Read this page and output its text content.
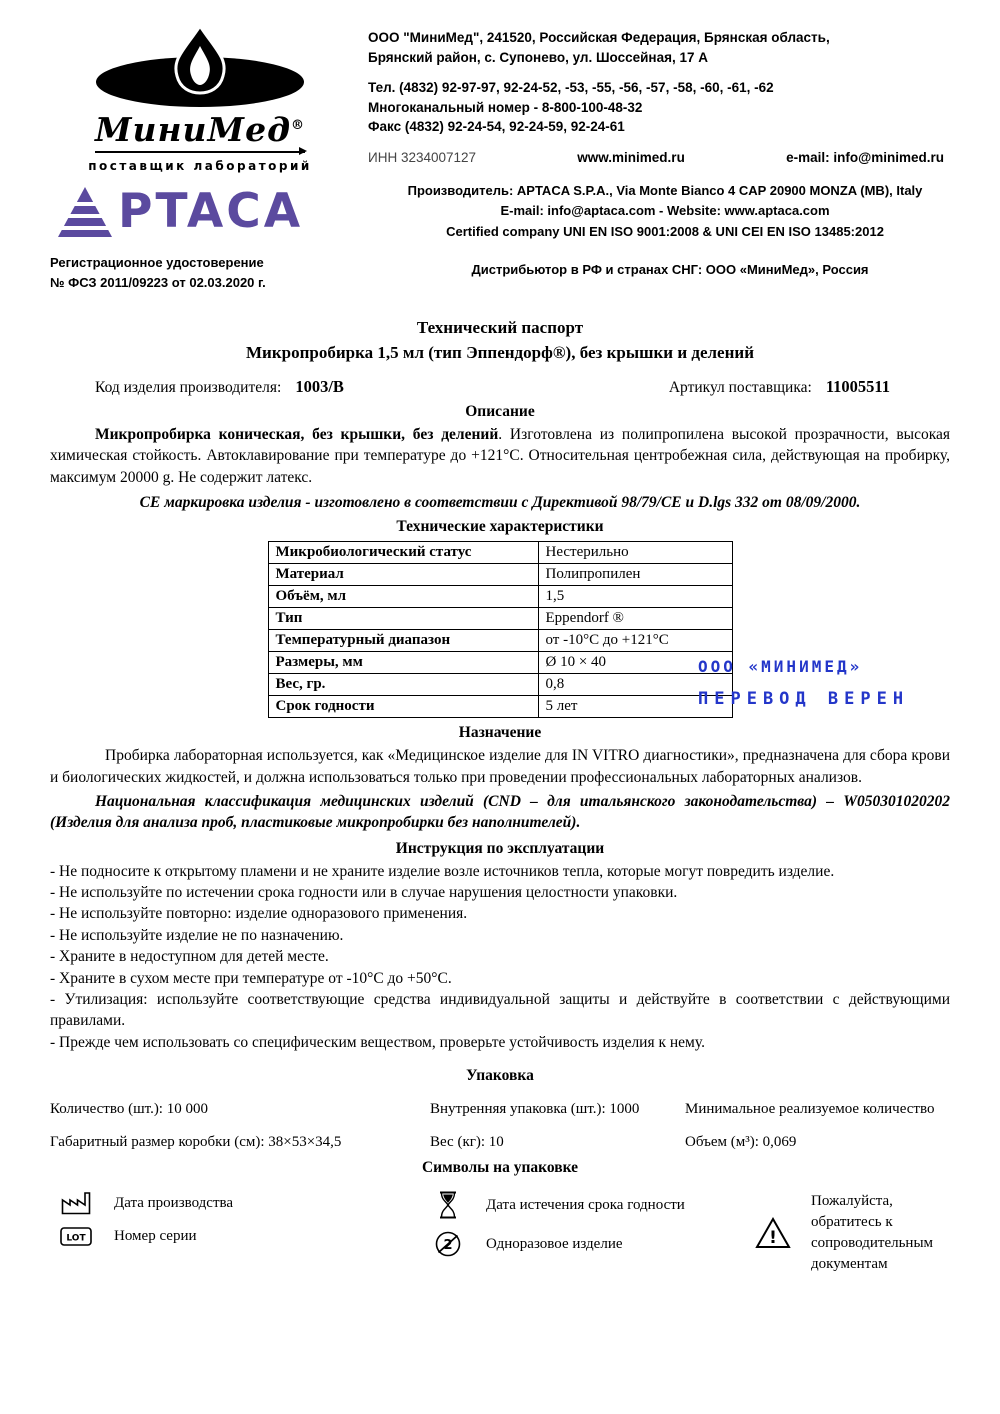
МиниМед®
поставщик лабораторий
ООО "МиниМед", 241520, Российская Федерация, Брянская область,
Брянский район, с. Супонево, ул. Шоссейная, 17 А
Тел. (4832) 92-97-97, 92-24-52, -53, -55, -56, -57, -58, -60, -61, -62
Многоканальный номер - 8-800-100-48-32
Факс (4832) 92-24-54, 92-24-59, 92-24-61
ИНН 3234007127	www.minimed.ru	e-mail: info@minimed.ru
PTACA	Производитель: APTACA S.P.A., Via Monte Bianco 4 CAP 20900 MONZA (MB), Italy
E-mail: info@aptaca.com - Website: www.aptaca.com
Certified company UNI EN ISO 9001:2008 & UNI CEI EN ISO 13485:2012
Регистрационное удостоверение
№ ФСЗ 2011/09223 от 02.03.2020 г.
Дистрибьютор в РФ и странах СНГ: ООО «МиниМед», Россия
Технический паспорт
Микропробирка 1,5 мл (тип Эппендорф®), без крышки и делений
Код изделия производителя: 1003/B	Артикул поставщика: 11005511
Описание
Микропробирка коническая, без крышки, без делений. Изготовлена из полипропилена высокой прозрачности, высокая химическая стойкость. Автоклавирование при температуре до +121°С. Относительная центробежная сила, действующая на пробирку, максимум 20000 g. Не содержит латекс.
СЕ маркировка изделия - изготовлено в соответствии с Директивой 98/79/СЕ и D.lgs 332 от 08/09/2000.
Технические характеристики
Микробиологический статус	Нестерильно
Материал	Полипропилен
Объём, мл	1,5
Тип	Eppendorf ®
Температурный диапазон	от -10°C до +121°C
Размеры, мм	Ø 10 × 40
Вес, гр.	0,8
Срок годности	5 лет
ООО «МИНИМЕД»
ПЕРЕВОД ВЕРЕН
Назначение
Пробирка лабораторная используется, как «Медицинское изделие для IN VITRO диагностики», предназначена для сбора крови и биологических жидкостей, и должна использоваться только при проведении профессиональных лабораторных анализов.
Национальная классификация медицинских изделий (CND – для итальянского законодательства) – W050301020202 (Изделия для анализа проб, пластиковые микропробирки без наполнителей).
Инструкция по эксплуатации
- Не подносите к открытому пламени и не храните изделие возле источников тепла, которые могут повредить изделие.
- Не используйте по истечении срока годности или в случае нарушения целостности упаковки.
- Не используйте повторно: изделие одноразового применения.
- Не используйте изделие не по назначению.
- Храните в недоступном для детей месте.
- Храните в сухом месте при температуре от -10°C до +50°C.
- Утилизация: используйте соответствующие средства индивидуальной защиты и действуйте в соответствии с действующими правилами.
- Прежде чем использовать со специфическим веществом, проверьте устойчивость изделия к нему.
Упаковка
Количество (шт.): 10 000	Внутренняя упаковка (шт.): 1000	Минимальное реализуемое количество
Габаритный размер коробки (см): 38×53×34,5	Вес (кг): 10	Объем (м³): 0,069
Символы на упаковке
Дата производства
LOT Номер серии
Дата истечения срока годности
2 Одноразовое изделие	!
Пожалуйста, обратитесь к
сопроводительным документам
